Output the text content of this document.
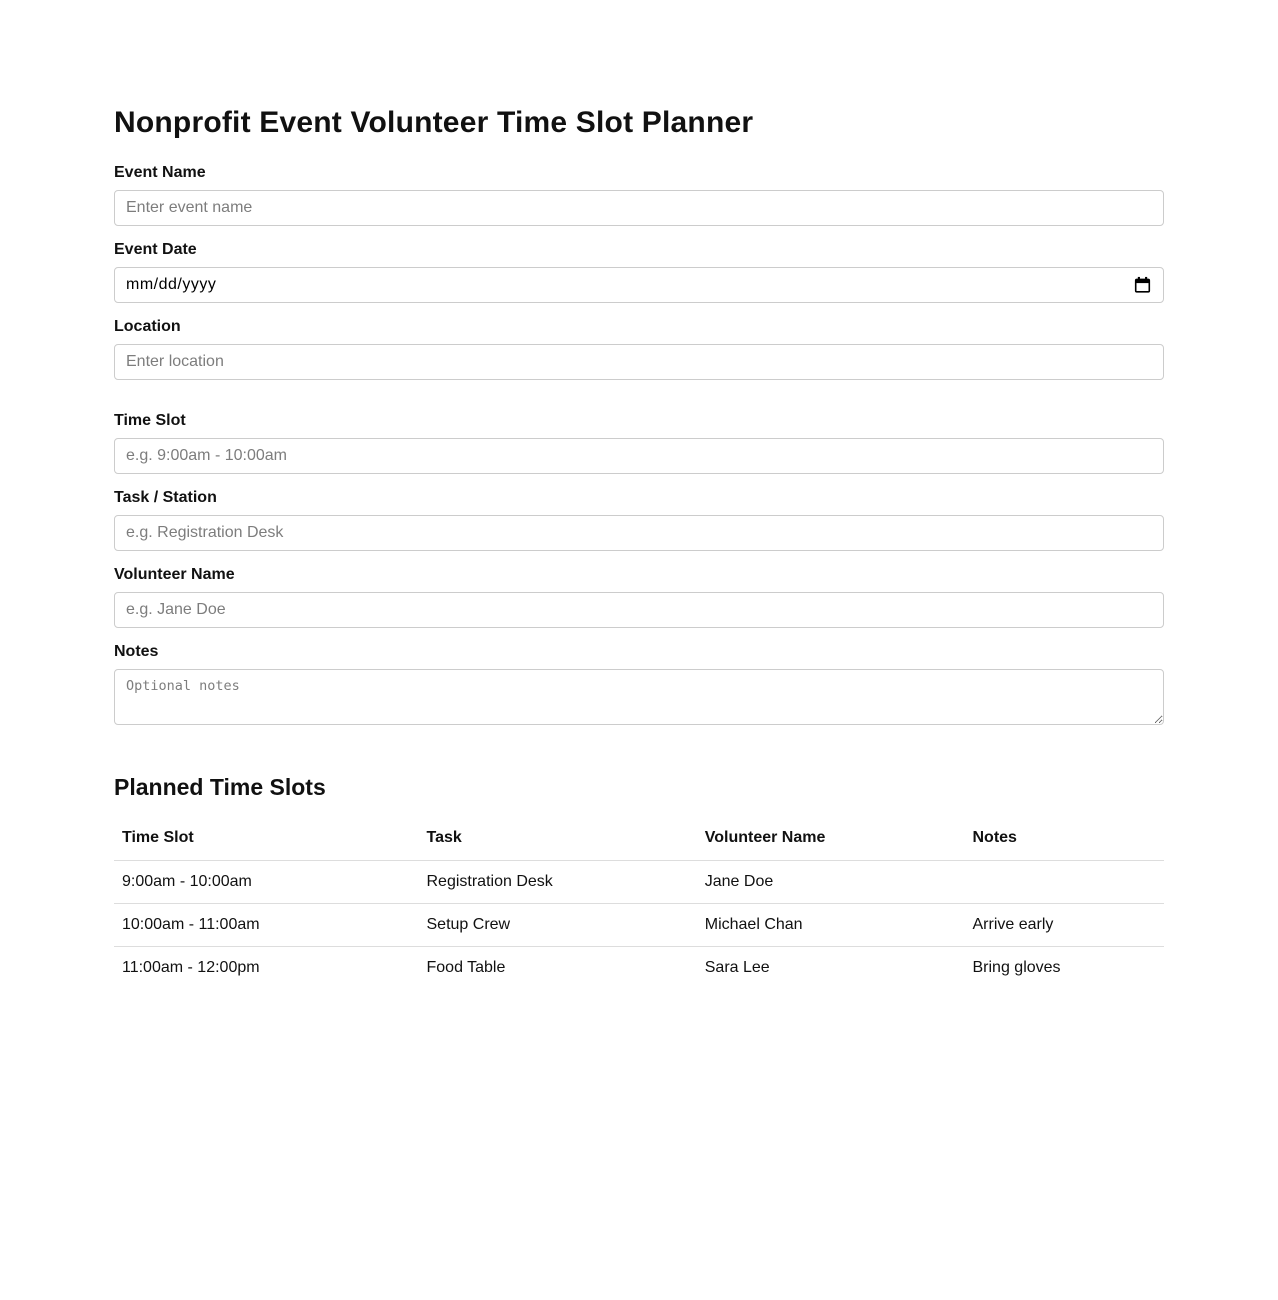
Nonprofit Event Volunteer Time Slot Planner
Event Name
Enter event name
Event Date
mm/dd/yyyy
Location
Enter location
Time Slot
e.g. 9:00am - 10:00am
Task / Station
e.g. Registration Desk
Volunteer Name
e.g. Jane Doe
Notes
Optional notes
Planned Time Slots
Time Slot	Task	Volunteer Name	Notes
9:00am - 10:00am	Registration Desk	Jane Doe	
10:00am - 11:00am	Setup Crew	Michael Chan	Arrive early
11:00am - 12:00pm	Food Table	Sara Lee	Bring gloves
